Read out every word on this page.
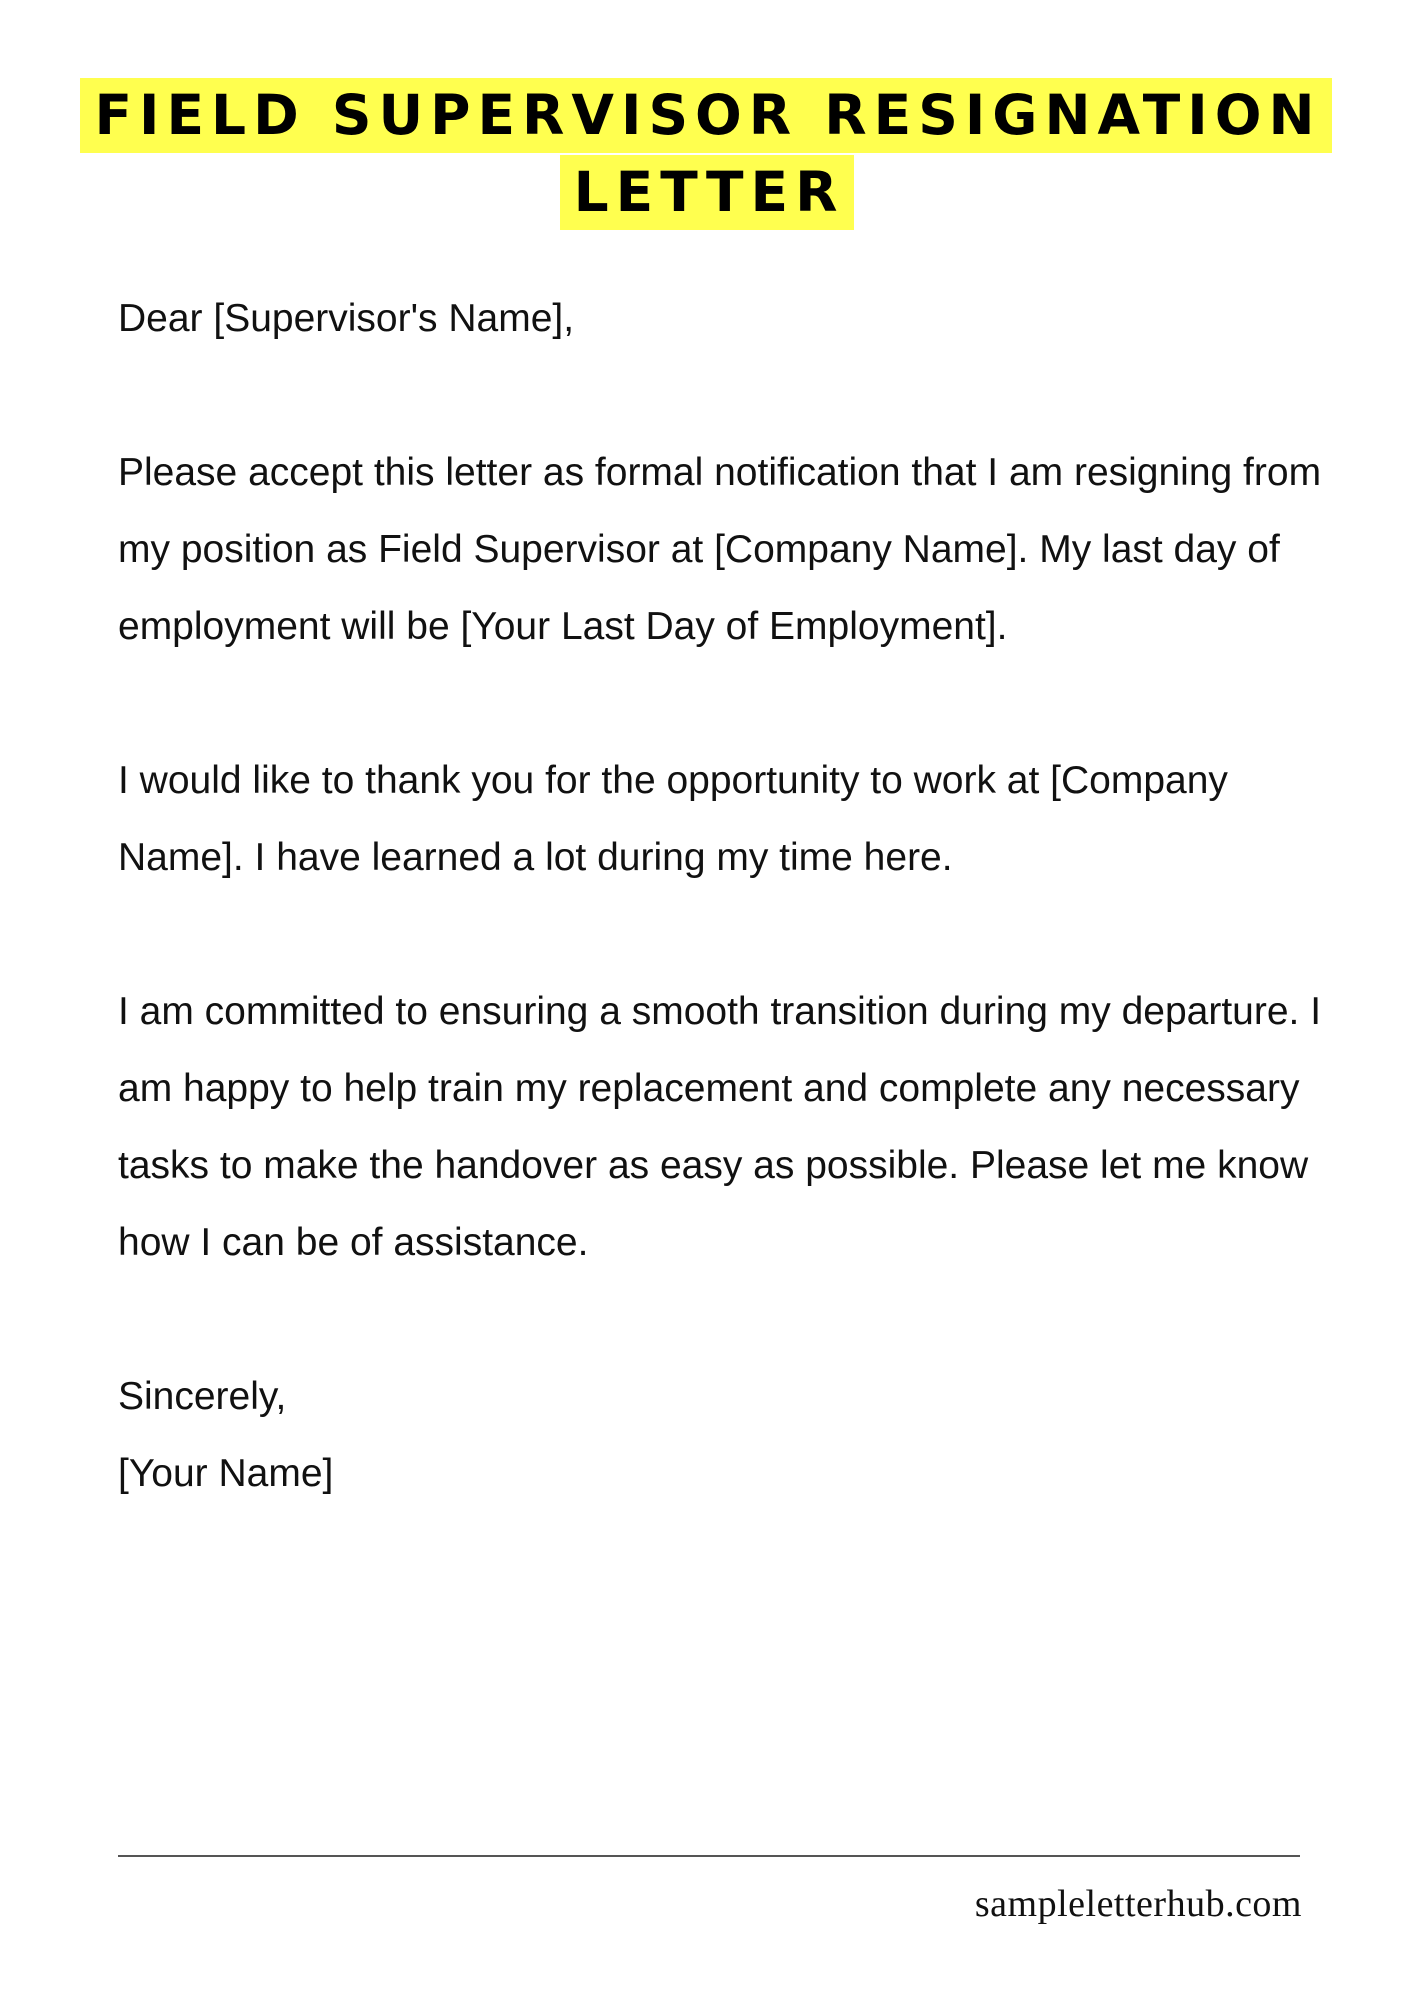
FIELD SUPERVISOR RESIGNATION
LETTER

Dear [Supervisor's Name],

Please accept this letter as formal notification that I am resigning from my position as Field Supervisor at [Company Name]. My last day of employment will be [Your Last Day of Employment].

I would like to thank you for the opportunity to work at [Company Name]. I have learned a lot during my time here.

I am committed to ensuring a smooth transition during my departure. I am happy to help train my replacement and complete any necessary tasks to make the handover as easy as possible. Please let me know how I can be of assistance.

Sincerely,

[Your Name]

sampleletterhub.com
